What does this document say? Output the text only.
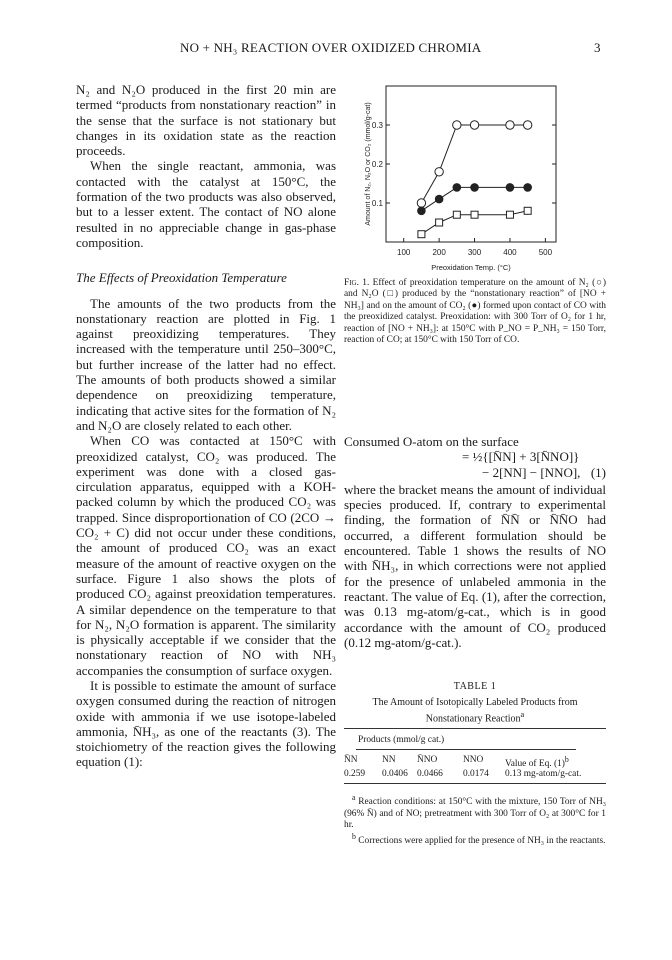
NO + NH₃ REACTION OVER OXIDIZED CHROMIA	3

N₂ and N₂O produced in the first 20 min are termed “products from nonstationary reaction” in the sense that the surface is not stationary but changes in its oxidation state as the reaction proceeds.

When the single reactant, ammonia, was contacted with the catalyst at 150°C, the formation of the two products was also observed, but to a lesser extent. The contact of NO alone resulted in no appreciable change in gas-phase composition.

The Effects of Preoxidation Temperature

The amounts of the two products from the nonstationary reaction are plotted in Fig. 1 against preoxidizing temperatures. They increased with the temperature until 250–300°C, but further increase of the latter had no effect. The amounts of both products showed a similar dependence on preoxidizing temperature, indicating that active sites for the formation of N₂ and N₂O are closely related to each other.

When CO was contacted at 150°C with preoxidized catalyst, CO₂ was produced. The experiment was done with a closed gas-circulation apparatus, equipped with a KOH-packed column by which the produced CO₂ was trapped. Since disproportionation of CO (2CO → CO₂ + C) did not occur under these conditions, the amount of produced CO₂ was an exact measure of the amount of reactive oxygen on the surface. Figure 1 also shows the plots of produced CO₂ against preoxidation temperatures. A similar dependence on the temperature to that for N₂, N₂O formation is apparent. The similarity is physically acceptable if we consider that the nonstationary reaction of NO with NH₃ accompanies the consumption of surface oxygen.

It is possible to estimate the amount of surface oxygen consumed during the reaction of nitrogen oxide with ammonia if we use isotope-labeled ammonia, N̄H₃, as one of the reactants (3). The stoichiometry of the reaction gives the following equation (1):

100	200	300	400	500
0.1
0.2
0.3
Preoxidation Temp. (°C)
Amount of N₂, N₂O or CO₂ (mmol/g-cat)
Fig. 1. Effect of preoxidation temperature on the amount of N₂ (○) and N₂O (□) produced by the “nonstationary reaction” of [NO + NH₃] and on the amount of CO₂ (●) formed upon contact of CO with the preoxidized catalyst. Preoxidation: with 300 Torr of O₂ for 1 hr, reaction of [NO + NH₃]: at 150°C with P_NO = P_NH₃ = 150 Torr, reaction of CO; at 150°C with 150 Torr of CO.

Consumed O-atom on the surface

= ½{[N̄N] + 3[N̄NO]}

− 2[NN] − [NNO], (1)

where the bracket means the amount of individual species produced. If, contrary to experimental finding, the formation of N̄N̄ or N̄N̄O had occurred, a different formulation should be encountered. Table 1 shows the results of NO with N̄H₃, in which corrections were not applied for the presence of unlabeled ammonia in the reactant. The value of Eq. (1), after the correction, was 0.13 mg-atom/g-cat., which is in good accordance with the amount of CO₂ produced (0.12 mg-atom/g-cat.).

TABLE 1
The Amount of Isotopically Labeled Products from Nonstationary Reaction$^a$
Products (mmol/g cat.)
N̄N	NN	N̄NO	NNO	Value of Eq. $(1)^b$
0.259	0.0406 0.0466	0.0174	0.13 mg-atom/g-cat.

$^a$ Reaction conditions: at 150°C with the mixture, 150 Torr of NH₃ (96% N̄) and of NO; pretreatment with 300 Torr of O₂ at 300°C for 1 hr.

$^b$ Corrections were applied for the presence of NH₃ in the reactants.
